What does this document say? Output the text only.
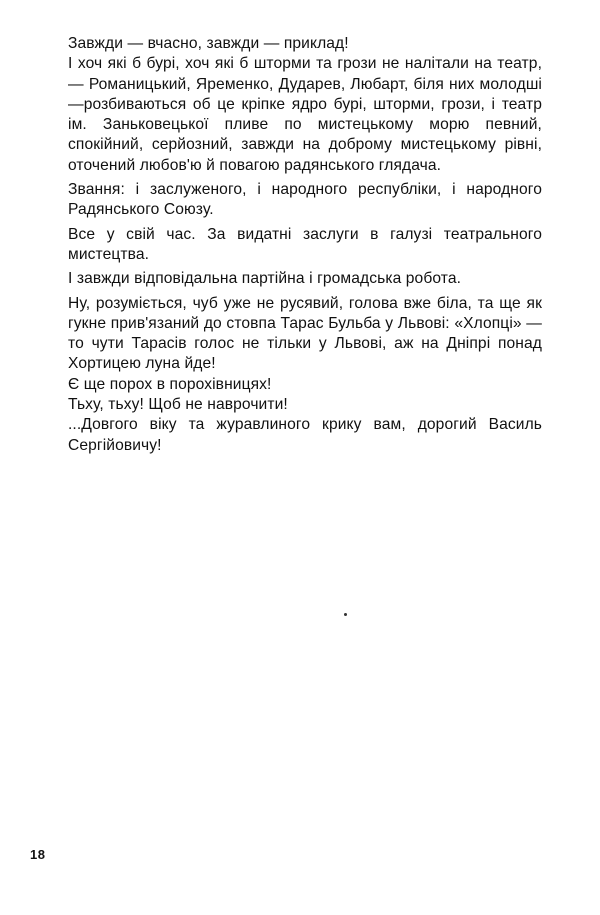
Завжди — вчасно, завжди — приклад!

І хоч які б бурі, хоч які б шторми та грози не налітали на театр,— Романицький, Яременко, Дударев, Любарт, біля них молодші—розбиваються об це кріпке ядро бурі, шторми, грози, і театр ім. Заньковецької пливе по мистецькому морю певний, спокійний, серйозний, завжди на доброму мистецькому рівні, оточений любов'ю й повагою радянського глядача.

Звання: і заслуженого, і народного республіки, і народного Радянського Союзу.

Все у свій час. За видатні заслуги в галузі театрального мистецтва.

І завжди відповідальна партійна і громадська робота.

Ну, розуміється, чуб уже не русявий, голова вже біла, та ще як гукне прив'язаний до стовпа Тарас Бульба у Львові: «Хлопці» — то чути Тарасів голос не тільки у Львові, аж на Дніпрі понад Хортицею луна йде!

Є ще порох в порохівницях!

Тьху, тьху! Щоб не наврочити!

...Довгого віку та журавлиного крику вам, дорогий Василь Сергійовичу!

18
